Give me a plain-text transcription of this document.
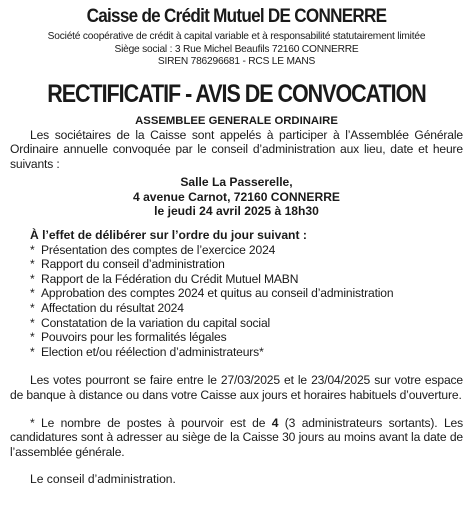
Caisse de Crédit Mutuel DE CONNERRE
Société coopérative de crédit à capital variable et à responsabilité statutairement limitée
Siège social : 3 Rue Michel Beaufils 72160 CONNERRE
SIREN 786296681 - RCS LE MANS
RECTIFICATIF - AVIS DE CONVOCATION
ASSEMBLEE GENERALE ORDINAIRE

Les sociétaires de la Caisse sont appelés à participer à l’Assemblée Générale Ordinaire annuelle convoquée par le conseil d’administration aux lieu, date et heure suivants :

Salle La Passerelle,
4 avenue Carnot, 72160 CONNERRE
le jeudi 24 avril 2025 à 18h30
À l’effet de délibérer sur l’ordre du jour suivant :
* Présentation des comptes de l’exercice 2024
* Rapport du conseil d’administration
* Rapport de la Fédération du Crédit Mutuel MABN
* Approbation des comptes 2024 et quitus au conseil d’administration
* Affectation du résultat 2024
* Constatation de la variation du capital social
* Pouvoirs pour les formalités légales
* Election et/ou réélection d’administrateurs*

Les votes pourront se faire entre le 27/03/2025 et le 23/04/2025 sur votre espace de banque à distance ou dans votre Caisse aux jours et horaires habituels d’ouverture.

* Le nombre de postes à pourvoir est de 4 (3 administrateurs sortants). Les candidatures sont à adresser au siège de la Caisse 30 jours au moins avant la date de l’assemblée générale.

Le conseil d’administration.
